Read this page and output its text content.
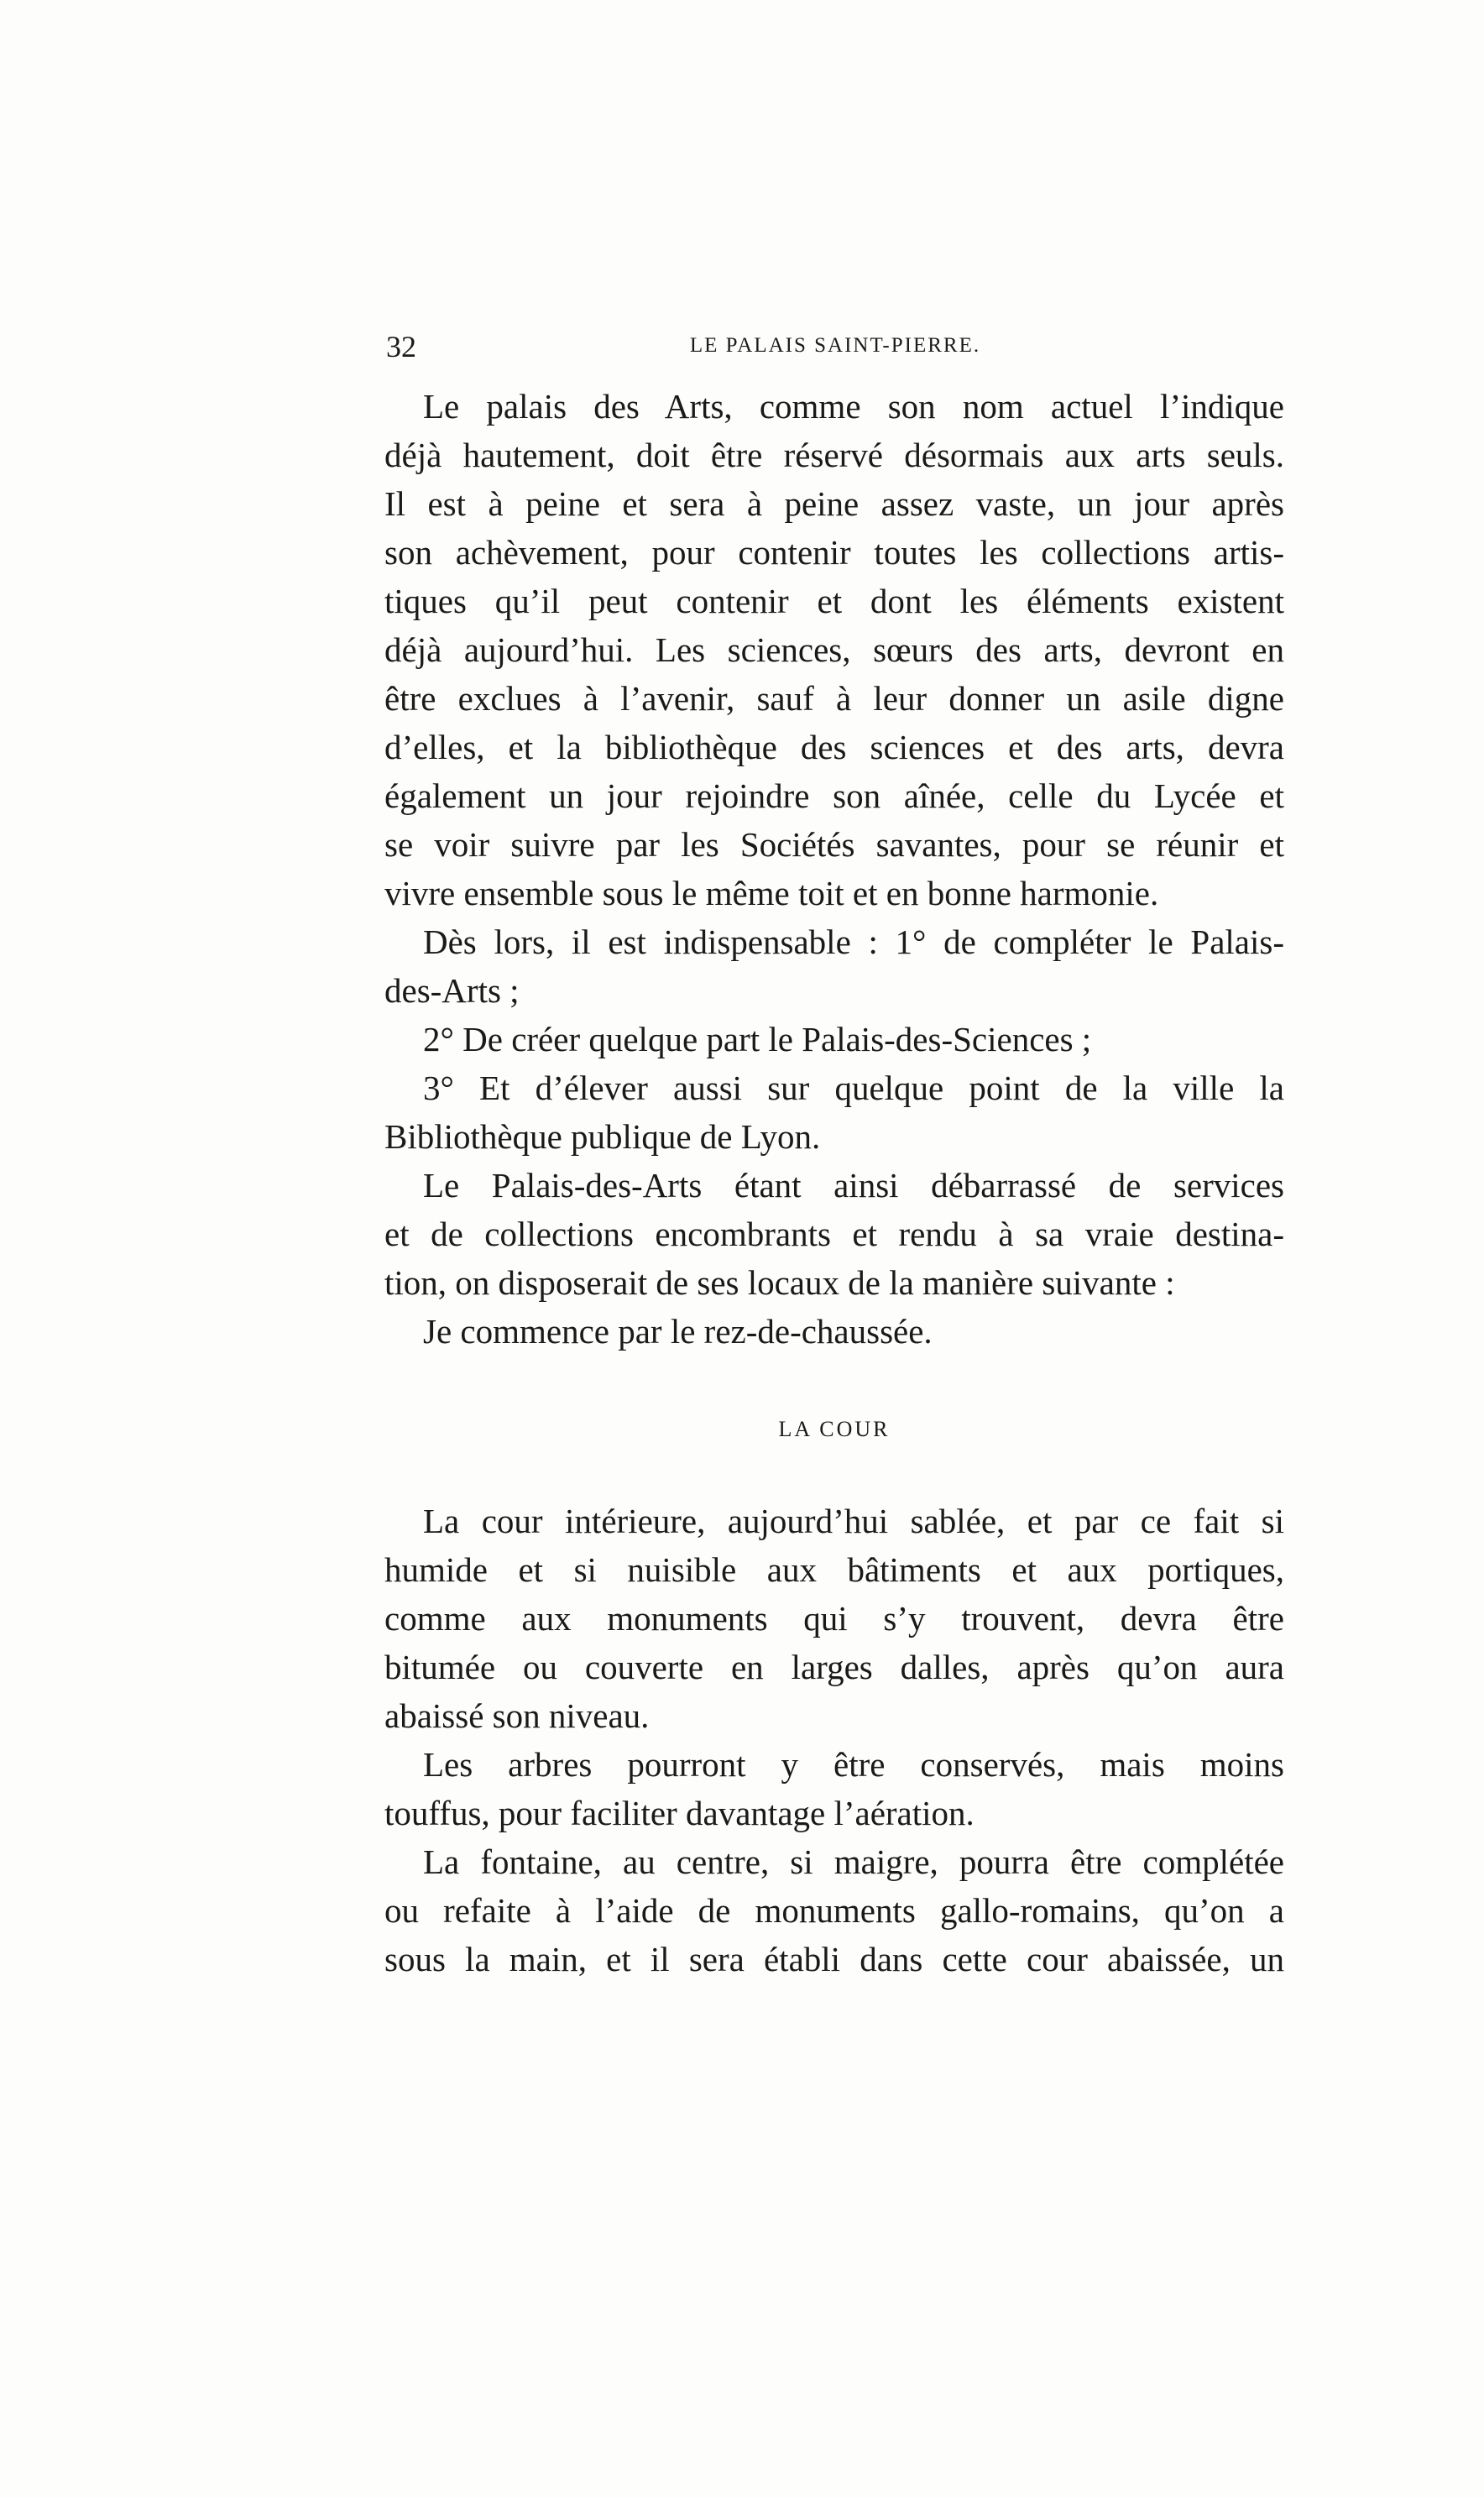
32	LE PALAIS SAINT-PIERRE.
Le palais des Arts, comme son nom actuel l’indique
déjà hautement, doit être réservé désormais aux arts seuls.
Il est à peine et sera à peine assez vaste, un jour après
son achèvement, pour contenir toutes les collections artis-
tiques qu’il peut contenir et dont les éléments existent
déjà aujourd’hui. Les sciences, sœurs des arts, devront en
être exclues à l’avenir, sauf à leur donner un asile digne
d’elles, et la bibliothèque des sciences et des arts, devra
également un jour rejoindre son aînée, celle du Lycée et
se voir suivre par les Sociétés savantes, pour se réunir et
vivre ensemble sous le même toit et en bonne harmonie.
Dès lors, il est indispensable : 1° de compléter le Palais-
des-Arts ;
2° De créer quelque part le Palais-des-Sciences ;
3° Et d’élever aussi sur quelque point de la ville la
Bibliothèque publique de Lyon.
Le Palais-des-Arts étant ainsi débarrassé de services
et de collections encombrants et rendu à sa vraie destina-
tion, on disposerait de ses locaux de la manière suivante :
Je commence par le rez-de-chaussée.
LA COUR
La cour intérieure, aujourd’hui sablée, et par ce fait si
humide et si nuisible aux bâtiments et aux portiques,
comme aux monuments qui s’y trouvent, devra être
bitumée ou couverte en larges dalles, après qu’on aura
abaissé son niveau.
Les arbres pourront y être conservés, mais moins
touffus, pour faciliter davantage l’aération.
La fontaine, au centre, si maigre, pourra être complétée
ou refaite à l’aide de monuments gallo-romains, qu’on a
sous la main, et il sera établi dans cette cour abaissée, un
